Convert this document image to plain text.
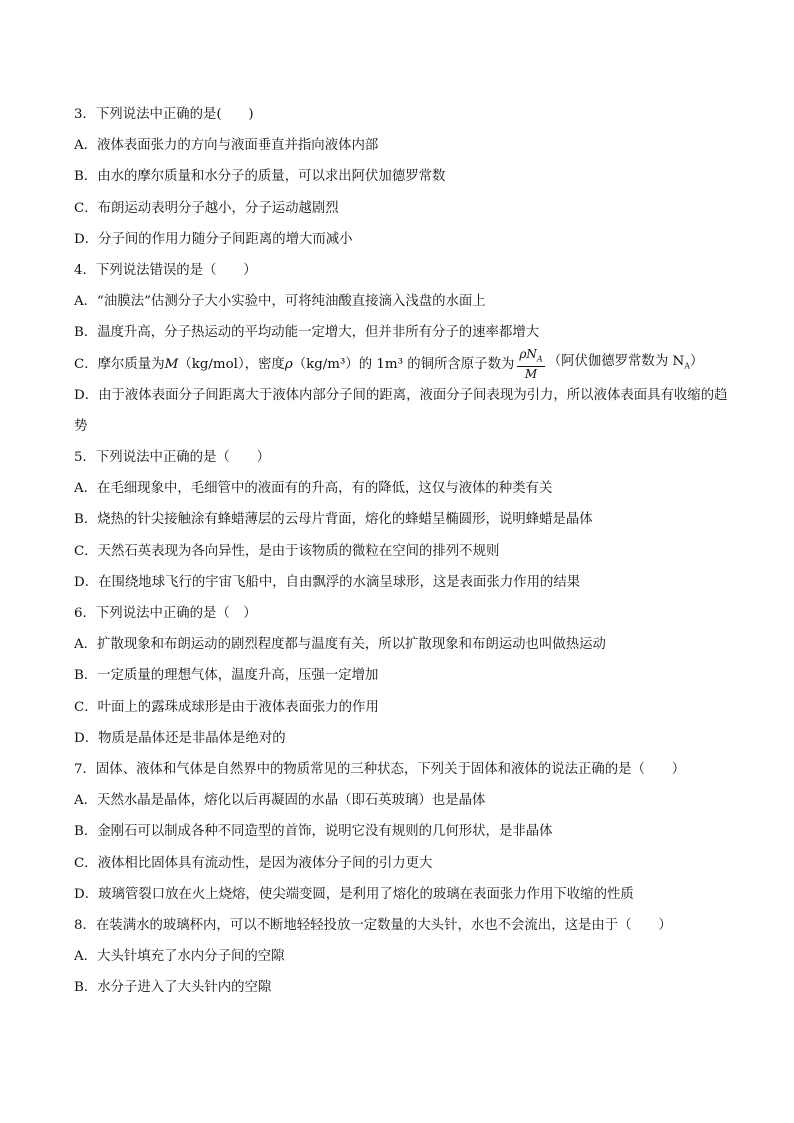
3．下列说法中正确的是(　　)
A．液体表面张力的方向与液面垂直并指向液体内部
B．由水的摩尔质量和水分子的质量，可以求出阿伏加德罗常数
C．布朗运动表明分子越小，分子运动越剧烈
D．分子间的作用力随分子间距离的增大而减小
4．下列说法错误的是（　　）
A．“油膜法”估测分子大小实验中，可将纯油酸直接滴入浅盘的水面上
B．温度升高，分子热运动的平均动能一定增大，但并非所有分子的速率都增大
C．摩尔质量为 M （kg/mol），密度 ρ （kg/m³）的 1m³ 的铜所含原子数为 $\frac{\rho N_A}{M}$ （阿伏伽德罗常数为 $N_A$）
D．由于液体表面分子间距离大于液体内部分子间的距离，液面分子间表现为引力，所以液体表面具有收缩的趋势
5．下列说法中正确的是（　　）
A．在毛细现象中，毛细管中的液面有的升高，有的降低，这仅与液体的种类有关
B．烧热的针尖接触涂有蜂蜡薄层的云母片背面，熔化的蜂蜡呈椭圆形，说明蜂蜡是晶体
C．天然石英表现为各向异性，是由于该物质的微粒在空间的排列不规则
D．在围绕地球飞行的宇宙飞船中，自由飘浮的水滴呈球形，这是表面张力作用的结果
6．下列说法中正确的是（　）
A．扩散现象和布朗运动的剧烈程度都与温度有关，所以扩散现象和布朗运动也叫做热运动
B．一定质量的理想气体，温度升高，压强一定增加
C．叶面上的露珠成球形是由于液体表面张力的作用
D．物质是晶体还是非晶体是绝对的
7．固体、液体和气体是自然界中的物质常见的三种状态，下列关于固体和液体的说法正确的是（　　）
A．天然水晶是晶体，熔化以后再凝固的水晶（即石英玻璃）也是晶体
B．金刚石可以制成各种不同造型的首饰，说明它没有规则的几何形状，是非晶体
C．液体相比固体具有流动性，是因为液体分子间的引力更大
D．玻璃管裂口放在火上烧熔，使尖端变圆，是利用了熔化的玻璃在表面张力作用下收缩的性质
8．在装满水的玻璃杯内，可以不断地轻轻投放一定数量的大头针，水也不会流出，这是由于（　　）
A．大头针填充了水内分子间的空隙
B．水分子进入了大头针内的空隙
